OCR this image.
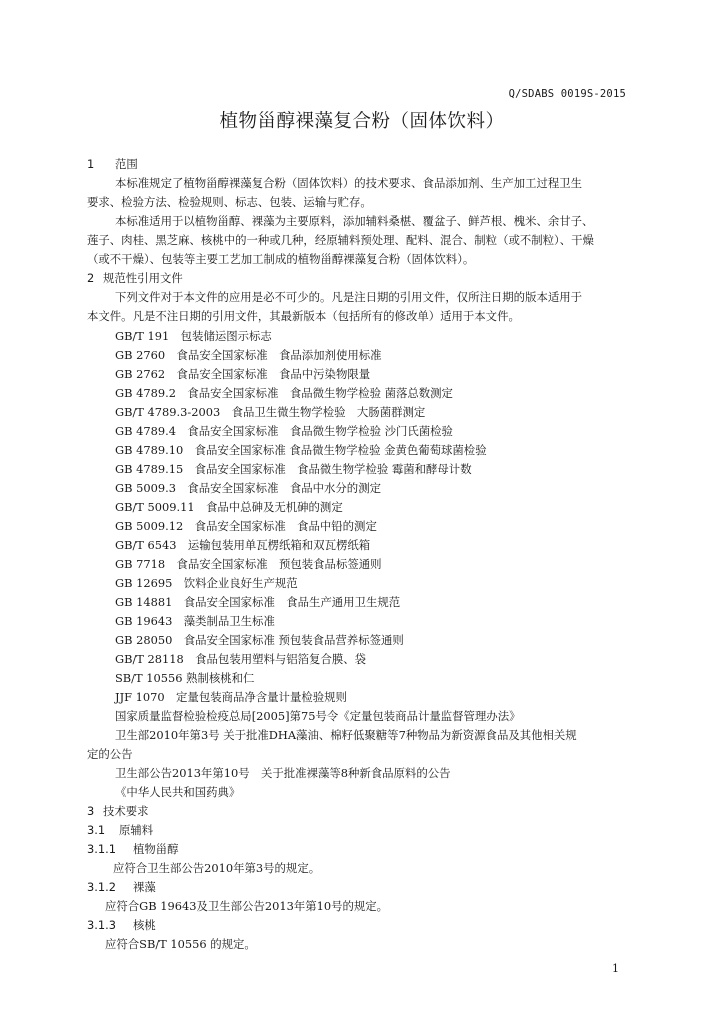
Q/SDABS 0019S-2015
植物甾醇裸藻复合粉（固体饮料）
1 范围
本标准规定了植物甾醇裸藻复合粉（固体饮料）的技术要求、食品添加剂、生产加工过程卫生
要求、检验方法、检验规则、标志、包装、运输与贮存。
本标准适用于以植物甾醇、裸藻为主要原料，添加辅料桑椹、覆盆子、鲜芦根、槐米、余甘子、
莲子、肉桂、黑芝麻、核桃中的一种或几种，经原辅料预处理、配料、混合、制粒（或不制粒）、干燥
（或不干燥）、包装等主要工艺加工制成的植物甾醇裸藻复合粉（固体饮料）。
2 规范性引用文件
下列文件对于本文件的应用是必不可少的。凡是注日期的引用文件，仅所注日期的版本适用于
本文件。凡是不注日期的引用文件，其最新版本（包括所有的修改单）适用于本文件。
GB/T 191　包装储运图示标志
GB 2760　食品安全国家标准　食品添加剂使用标准
GB 2762　食品安全国家标准　食品中污染物限量
GB 4789.2　食品安全国家标准　食品微生物学检验 菌落总数测定
GB/T 4789.3-2003　食品卫生微生物学检验　大肠菌群测定
GB 4789.4　食品安全国家标准　食品微生物学检验 沙门氏菌检验
GB 4789.10　食品安全国家标准 食品微生物学检验 金黄色葡萄球菌检验
GB 4789.15　食品安全国家标准　食品微生物学检验 霉菌和酵母计数
GB 5009.3　食品安全国家标准　食品中水分的测定
GB/T 5009.11　食品中总砷及无机砷的测定
GB 5009.12　食品安全国家标准　食品中铅的测定
GB/T 6543　运输包装用单瓦楞纸箱和双瓦楞纸箱
GB 7718　食品安全国家标准　预包装食品标签通则
GB 12695　饮料企业良好生产规范
GB 14881　食品安全国家标准　食品生产通用卫生规范
GB 19643　藻类制品卫生标准
GB 28050　食品安全国家标准 预包装食品营养标签通则
GB/T 28118　食品包装用塑料与铝箔复合膜、袋
SB/T 10556 熟制核桃和仁
JJF 1070　定量包装商品净含量计量检验规则
国家质量监督检验检疫总局[2005]第75号令《定量包装商品计量监督管理办法》
卫生部2010年第3号 关于批准DHA藻油、棉籽低聚糖等7种物品为新资源食品及其他相关规
定的公告
卫生部公告2013年第10号　关于批准裸藻等8种新食品原料的公告
《中华人民共和国药典》
3 技术要求
3.1 原辅料
3.1.1 植物甾醇
应符合卫生部公告2010年第3号的规定。
3.1.2 裸藻
应符合GB 19643及卫生部公告2013年第10号的规定。
3.1.3 核桃
应符合SB/T 10556 的规定。
1
